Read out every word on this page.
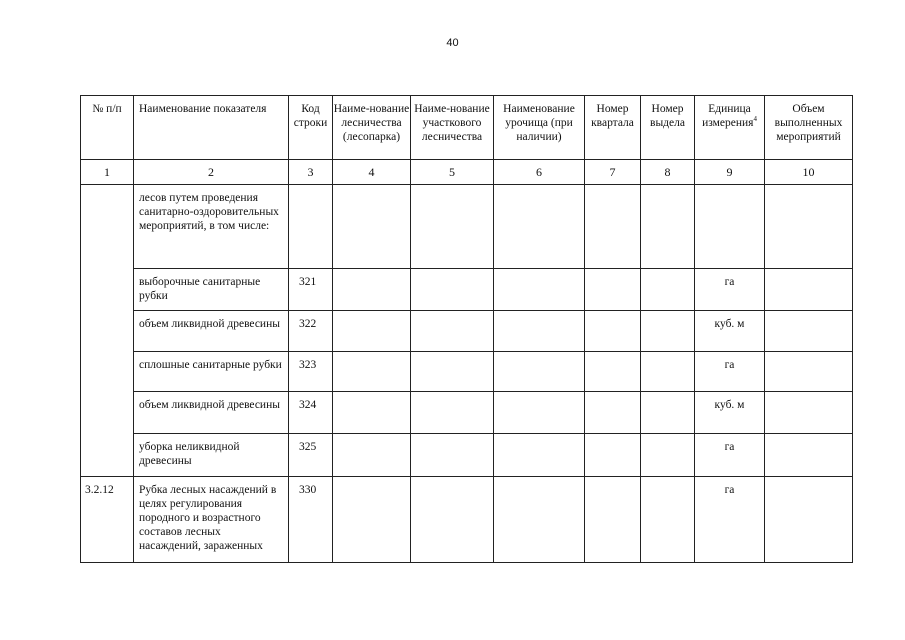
40
№ п/п	Наименование показателя	Код строки	Наиме-нование лесничества (лесопарка)	Наиме-нование участкового лесничества	Наименование урочища (при наличии)	Номер квартала	Номер выдела	Единица измерения$^4$	Объем выполненных мероприятий
1	2	3	4	5	6	7	8	9	10
	лесов путем проведения санитарно-оздоровительных мероприятий, в том числе:								
	выборочные санитарные рубки	321						га	
	объем ликвидной древесины	322						куб. м	
	сплошные санитарные рубки	323						га	
	объем ликвидной древесины	324						куб. м	
	уборка неликвидной древесины	325						га	
3.2.12	Рубка лесных насаждений в целях регулирования породного и возрастного составов лесных насаждений, зараженных	330						га	
